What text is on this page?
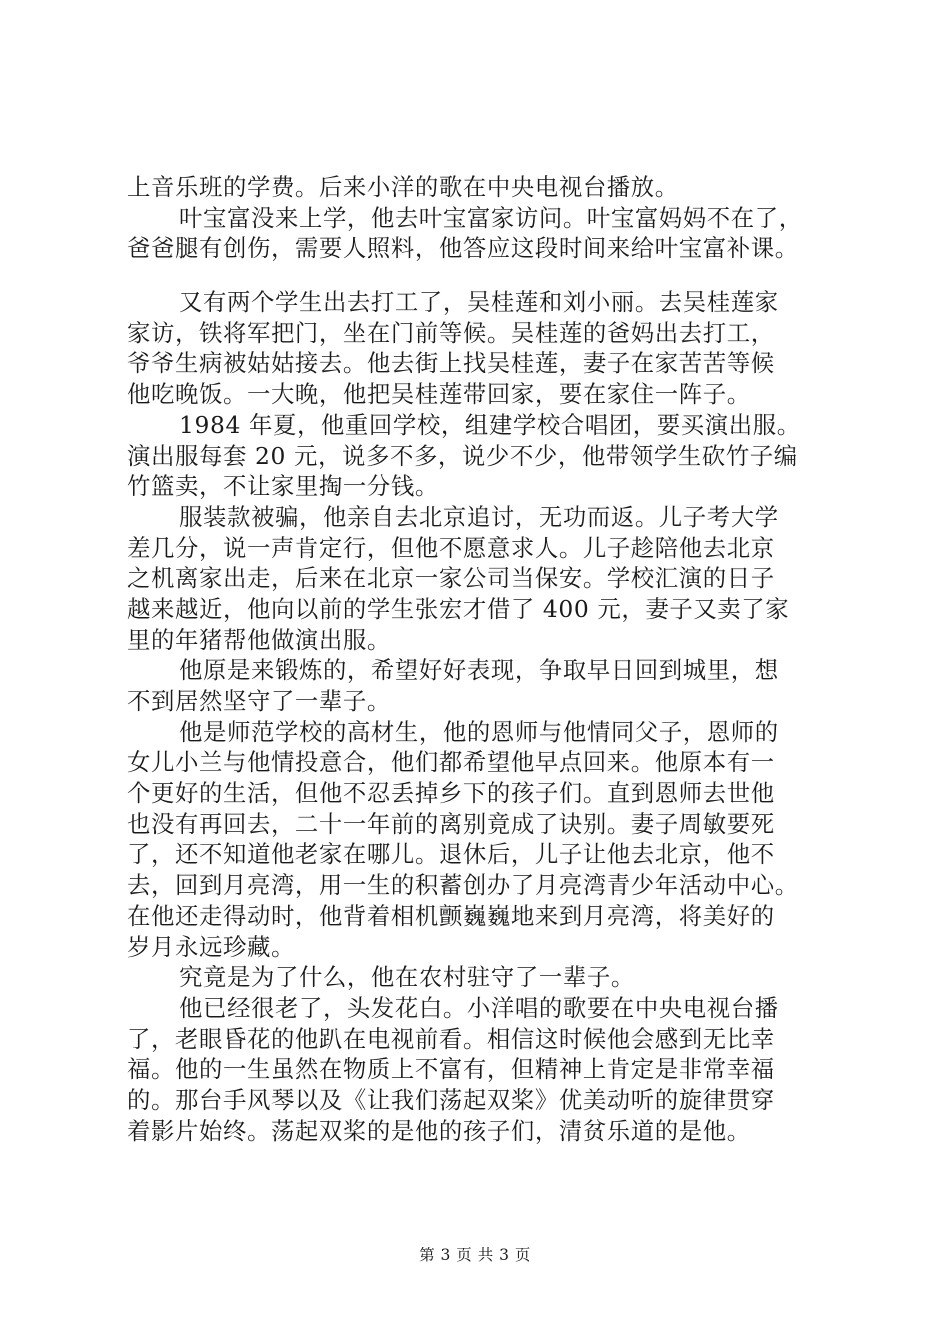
上音乐班的学费。后来小洋的歌在中央电视台播放。
叶宝富没来上学，他去叶宝富家访问。叶宝富妈妈不在了，
爸爸腿有创伤，需要人照料，他答应这段时间来给叶宝富补课。
又有两个学生出去打工了，吴桂莲和刘小丽。去吴桂莲家
家访，铁将军把门，坐在门前等候。吴桂莲的爸妈出去打工，
爷爷生病被姑姑接去。他去街上找吴桂莲，妻子在家苦苦等候
他吃晚饭。一大晚，他把吴桂莲带回家，要在家住一阵子。
1984 年夏，他重回学校，组建学校合唱团，要买演出服。
演出服每套 20 元，说多不多，说少不少，他带领学生砍竹子编
竹篮卖，不让家里掏一分钱。
服装款被骗，他亲自去北京追讨，无功而返。儿子考大学
差几分，说一声肯定行，但他不愿意求人。儿子趁陪他去北京
之机离家出走，后来在北京一家公司当保安。学校汇演的日子
越来越近，他向以前的学生张宏才借了 400 元，妻子又卖了家
里的年猪帮他做演出服。
他原是来锻炼的，希望好好表现，争取早日回到城里，想
不到居然坚守了一辈子。
他是师范学校的高材生，他的恩师与他情同父子，恩师的
女儿小兰与他情投意合，他们都希望他早点回来。他原本有一
个更好的生活，但他不忍丢掉乡下的孩子们。直到恩师去世他
也没有再回去，二十一年前的离别竟成了诀别。妻子周敏要死
了，还不知道他老家在哪儿。退休后，儿子让他去北京，他不
去，回到月亮湾，用一生的积蓄创办了月亮湾青少年活动中心。
在他还走得动时，他背着相机颤巍巍地来到月亮湾，将美好的
岁月永远珍藏。
究竟是为了什么，他在农村驻守了一辈子。
他已经很老了，头发花白。小洋唱的歌要在中央电视台播
了，老眼昏花的他趴在电视前看。相信这时候他会感到无比幸
福。他的一生虽然在物质上不富有，但精神上肯定是非常幸福
的。那台手风琴以及《让我们荡起双桨》优美动听的旋律贯穿
着影片始终。荡起双桨的是他的孩子们，清贫乐道的是他。
第 3 页 共 3 页
